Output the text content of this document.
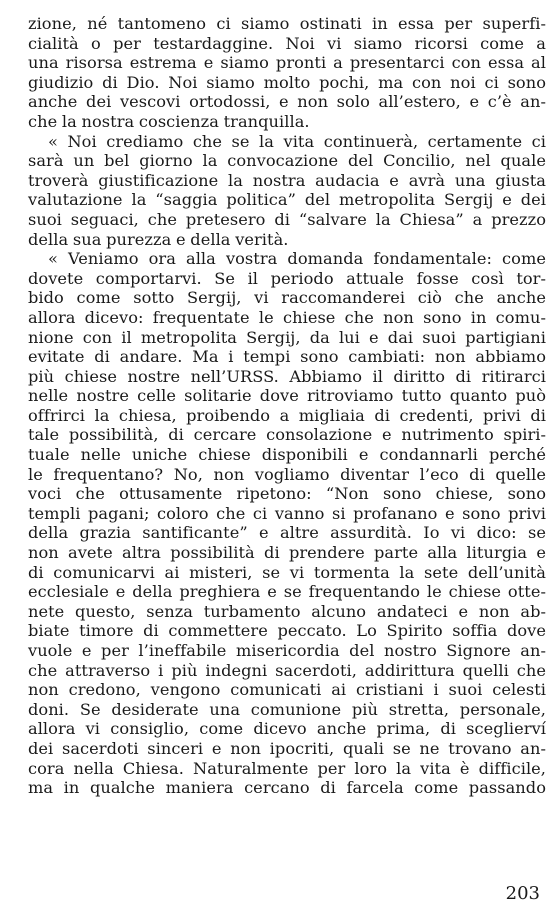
zione, né tantomeno ci siamo ostinati in essa per superfi-
cialità o per testardaggine. Noi vi siamo ricorsi come a
una risorsa estrema e siamo pronti a presentarci con essa al
giudizio di Dio. Noi siamo molto pochi, ma con noi ci sono
anche dei vescovi ortodossi, e non solo all’estero, e c’è an-
che la nostra coscienza tranquilla.
« Noi crediamo che se la vita continuerà, certamente ci
sarà un bel giorno la convocazione del Concilio, nel quale
troverà giustificazione la nostra audacia e avrà una giusta
valutazione la “saggia politica” del metropolita Sergij e dei
suoi seguaci, che pretesero di “salvare la Chiesa” a prezzo
della sua purezza e della verità.
« Veniamo ora alla vostra domanda fondamentale: come
dovete comportarvi. Se il periodo attuale fosse così tor-
bido come sotto Sergij, vi raccomanderei ciò che anche
allora dicevo: frequentate le chiese che non sono in comu-
nione con il metropolita Sergij, da lui e dai suoi partigiani
evitate di andare. Ma i tempi sono cambiati: non abbiamo
più chiese nostre nell’URSS. Abbiamo il diritto di ritirarci
nelle nostre celle solitarie dove ritroviamo tutto quanto può
offrirci la chiesa, proibendo a migliaia di credenti, privi di
tale possibilità, di cercare consolazione e nutrimento spiri-
tuale nelle uniche chiese disponibili e condannarli perché
le frequentano? No, non vogliamo diventar l’eco di quelle
voci che ottusamente ripetono: “Non sono chiese, sono
templi pagani; coloro che ci vanno si profanano e sono privi
della grazia santificante” e altre assurdità. Io vi dico: se
non avete altra possibilità di prendere parte alla liturgia e
di comunicarvi ai misteri, se vi tormenta la sete dell’unità
ecclesiale e della preghiera e se frequentando le chiese otte-
nete questo, senza turbamento alcuno andateci e non ab-
biate timore di commettere peccato. Lo Spirito soffia dove
vuole e per l’ineffabile misericordia del nostro Signore an-
che attraverso i più indegni sacerdoti, addirittura quelli che
non credono, vengono comunicati ai cristiani i suoi celesti
doni. Se desiderate una comunione più stretta, personale,
allora vi consiglio, come dicevo anche prima, di sceglierví
dei sacerdoti sinceri e non ipocriti, quali se ne trovano an-
cora nella Chiesa. Naturalmente per loro la vita è difficile,
ma in qualche maniera cercano di farcela come passando
203
